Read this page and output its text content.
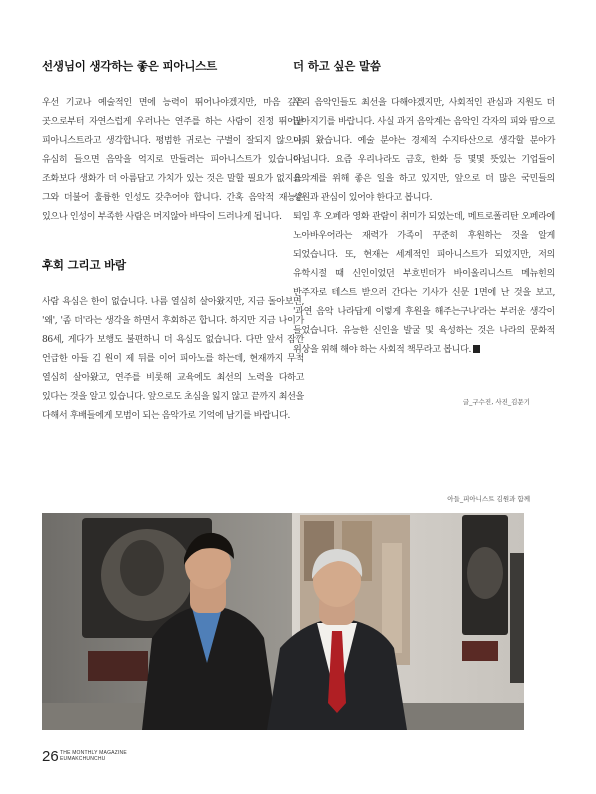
선생님이 생각하는 좋은 피아니스트

우선 기교나 예술적인 면에 능력이 뛰어나야겠지만, 마음 깊은 곳으로부터 자연스럽게 우러나는 연주를 하는 사람이 진정 뛰어난 피아니스트라고 생각합니다. 평범한 귀로는 구별이 잘되지 않으나, 유심히 들으면 음악을 억지로 만들려는 피아니스트가 있습니다. 조화보다 생화가 더 아름답고 가치가 있는 것은 말할 필요가 없지요. 그와 더불어 훌륭한 인성도 갖추어야 합니다. 간혹 음악적 재능은 있으나 인성이 부족한 사람은 머지않아 바닥이 드러나게 됩니다.

후회 그리고 바람

사람 욕심은 한이 없습니다. 나름 열심히 살아왔지만, 지금 돌아보면, '왜', '좀 더'라는 생각을 하면서 후회하곤 합니다. 하지만 지금 나이가 86세, 게다가 보행도 불편하니 더 욕심도 없습니다. 다만 앞서 잠깐 언급한 아들 김 원이 제 뒤를 이어 피아노를 하는데, 현재까지 무척 열심히 살아왔고, 연주를 비롯해 교육에도 최선의 노력을 다하고 있다는 것을 알고 있습니다. 앞으로도 초심을 잃지 않고 끝까지 최선을 다해서 후배들에게 모범이 되는 음악가로 기억에 남기를 바랍니다.

더 하고 싶은 말씀

우리 음악인들도 최선을 다해야겠지만, 사회적인 관심과 지원도 더 많아지기를 바랍니다. 사실 과거 음악계는 음악인 각자의 피와 땀으로 이뤄 왔습니다. 예술 분야는 경제적 수지타산으로 생각할 분야가 아닙니다. 요즘 우리나라도 금호, 한화 등 몇몇 뜻있는 기업들이 음악계를 위해 좋은 일을 하고 있지만, 앞으로 더 많은 국민들의 성원과 관심이 있어야 한다고 봅니다.

퇴임 후 오페라 영화 관람이 취미가 되었는데, 메트로폴리탄 오페라에 노아바우어라는 재력가 가족이 꾸준히 후원하는 것을 알게 되었습니다. 또, 현재는 세계적인 피아니스트가 되었지만, 저의 유학시절 때 신인이었던 부흐빈더가 바이올리니스트 메뉴힌의 반주자로 테스트 받으러 간다는 기사가 신문 1면에 난 것을 보고, '과연 음악 나라답게 이렇게 후원을 해주는구나'라는 부러운 생각이 들었습니다. 유능한 신인을 발굴 및 육성하는 것은 나라의 문화적 위상을 위해 해야 하는 사회적 책무라고 봅니다.

글_구수진, 사진_김문기
아들_피아니스트 김원과 함께
26 THE MONTHLY MAGAZINE
EUMAKCHUNCHU
